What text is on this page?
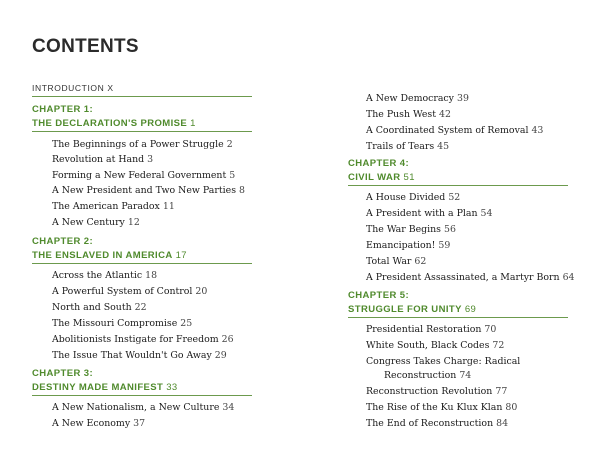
CONTENTS
INTRODUCTION X
CHAPTER 1:
THE DECLARATION'S PROMISE 1
The Beginnings of a Power Struggle 2
Revolution at Hand 3
Forming a New Federal Government 5
A New President and Two New Parties 8
The American Paradox 11
A New Century 12
CHAPTER 2:
THE ENSLAVED IN AMERICA 17
Across the Atlantic 18
A Powerful System of Control 20
North and South 22
The Missouri Compromise 25
Abolitionists Instigate for Freedom 26
The Issue That Wouldn't Go Away 29
CHAPTER 3:
DESTINY MADE MANIFEST 33
A New Nationalism, a New Culture 34
A New Economy 37
A New Democracy 39
The Push West 42
A Coordinated System of Removal 43
Trails of Tears 45
CHAPTER 4:
CIVIL WAR 51
A House Divided 52
A President with a Plan 54
The War Begins 56
Emancipation! 59
Total War 62
A President Assassinated, a Martyr Born 64
CHAPTER 5:
STRUGGLE FOR UNITY 69
Presidential Restoration 70
White South, Black Codes 72
Congress Takes Charge: Radical
Reconstruction 74
Reconstruction Revolution 77
The Rise of the Ku Klux Klan 80
The End of Reconstruction 84
